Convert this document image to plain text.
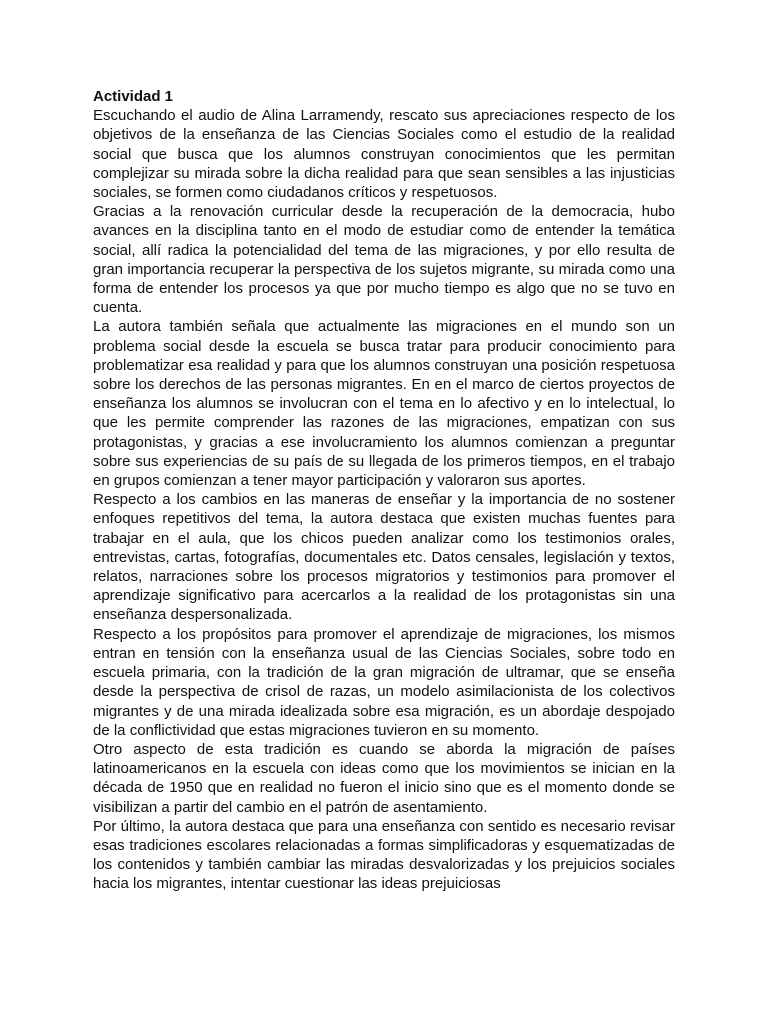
Actividad 1

Escuchando el audio de Alina Larramendy, rescato sus apreciaciones respecto de los objetivos de la enseñanza de las Ciencias Sociales como el estudio de la realidad social que busca que los alumnos construyan conocimientos que les permitan complejizar su mirada sobre la dicha realidad para que sean sensibles a las injusticias sociales, se formen como ciudadanos críticos y respetuosos.

Gracias a la renovación curricular desde la recuperación de la democracia, hubo avances en la disciplina tanto en el modo de estudiar como de entender la temática social, allí radica la potencialidad del tema de las migraciones, y por ello resulta de gran importancia recuperar la perspectiva de los sujetos migrante, su mirada como una forma de entender los procesos ya que por mucho tiempo es algo que no se tuvo en cuenta.

La autora también señala que actualmente las migraciones en el mundo son un problema social desde la escuela se busca tratar para producir conocimiento para problematizar esa realidad y para que los alumnos construyan una posición respetuosa sobre los derechos de las personas migrantes. En en el marco de ciertos proyectos de enseñanza los alumnos se involucran con el tema en lo afectivo y en lo intelectual, lo que les permite comprender las razones de las migraciones, empatizan con sus protagonistas, y gracias a ese involucramiento los alumnos comienzan a preguntar sobre sus experiencias de su país de su llegada de los primeros tiempos, en el trabajo en grupos comienzan a tener mayor participación y valoraron sus aportes.

Respecto a los cambios en las maneras de enseñar y la importancia de no sostener enfoques repetitivos del tema, la autora destaca que existen muchas fuentes para trabajar en el aula, que los chicos pueden analizar como los testimonios orales, entrevistas, cartas, fotografías, documentales etc. Datos censales, legislación y textos, relatos, narraciones sobre los procesos migratorios y testimonios para promover el aprendizaje significativo para acercarlos a la realidad de los protagonistas sin una enseñanza despersonalizada.

Respecto a los propósitos para promover el aprendizaje de migraciones, los mismos entran en tensión con la enseñanza usual de las Ciencias Sociales, sobre todo en escuela primaria, con la tradición de la gran migración de ultramar, que se enseña desde la perspectiva de crisol de razas, un modelo asimilacionista de los colectivos migrantes y de una mirada idealizada sobre esa migración, es un abordaje despojado de la conflictividad que estas migraciones tuvieron en su momento.

Otro aspecto de esta tradición es cuando se aborda la migración de países latinoamericanos en la escuela con ideas como que los movimientos se inician en la década de 1950 que en realidad no fueron el inicio sino que es el momento donde se visibilizan a partir del cambio en el patrón de asentamiento.

Por último, la autora destaca que para una enseñanza con sentido es necesario revisar esas tradiciones escolares relacionadas a formas simplificadoras y esquematizadas de los contenidos y también cambiar las miradas desvalorizadas y los prejuicios sociales hacia los migrantes, intentar cuestionar las ideas prejuiciosas
